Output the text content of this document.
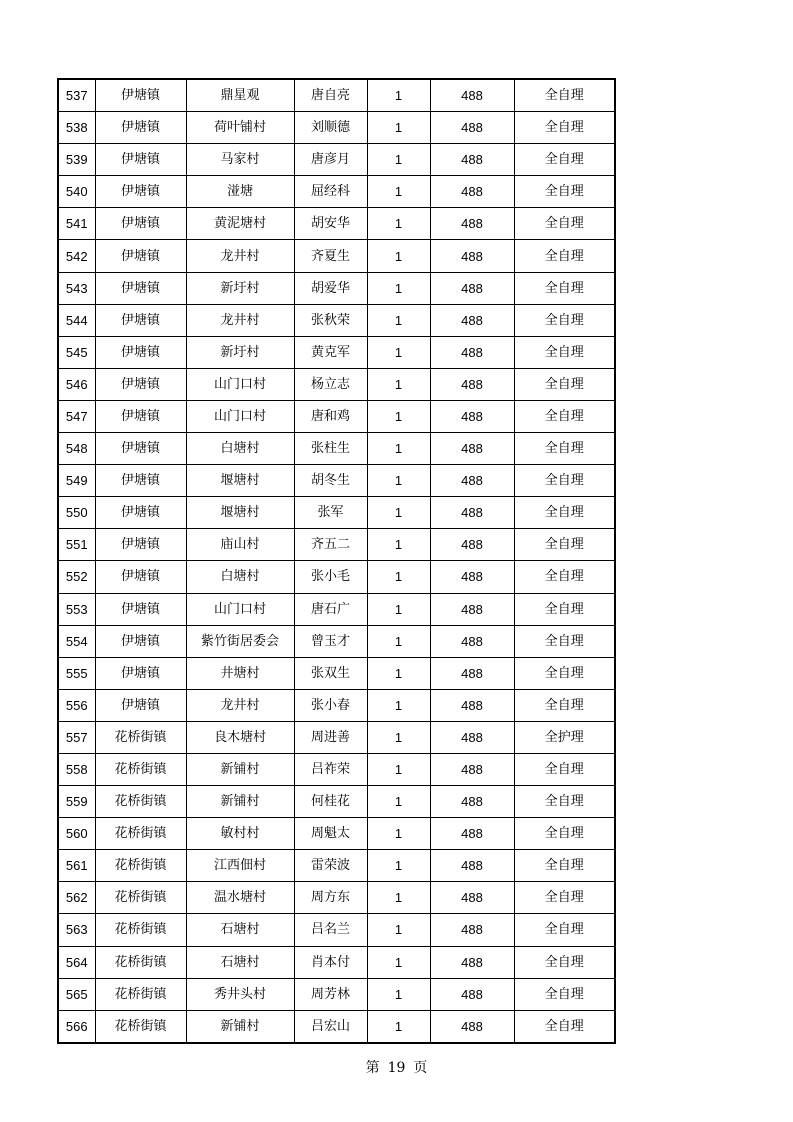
537	伊塘镇	鼎星观	唐自亮	1	488	全自理
538	伊塘镇	荷叶铺村	刘顺德	1	488	全自理
539	伊塘镇	马家村	唐彦月	1	488	全自理
540	伊塘镇	湴塘	屈经科	1	488	全自理
541	伊塘镇	黄泥塘村	胡安华	1	488	全自理
542	伊塘镇	龙井村	齐夏生	1	488	全自理
543	伊塘镇	新圩村	胡爱华	1	488	全自理
544	伊塘镇	龙井村	张秋荣	1	488	全自理
545	伊塘镇	新圩村	黄克军	1	488	全自理
546	伊塘镇	山门口村	杨立志	1	488	全自理
547	伊塘镇	山门口村	唐和鸡	1	488	全自理
548	伊塘镇	白塘村	张柱生	1	488	全自理
549	伊塘镇	堰塘村	胡冬生	1	488	全自理
550	伊塘镇	堰塘村	张军	1	488	全自理
551	伊塘镇	庙山村	齐五二	1	488	全自理
552	伊塘镇	白塘村	张小毛	1	488	全自理
553	伊塘镇	山门口村	唐石广	1	488	全自理
554	伊塘镇	紫竹街居委会	曾玉才	1	488	全自理
555	伊塘镇	井塘村	张双生	1	488	全自理
556	伊塘镇	龙井村	张小春	1	488	全自理
557	花桥街镇	良木塘村	周进善	1	488	全护理
558	花桥街镇	新铺村	吕祚荣	1	488	全自理
559	花桥街镇	新铺村	何桂花	1	488	全自理
560	花桥街镇	敏村村	周魁太	1	488	全自理
561	花桥街镇	江西佃村	雷荣波	1	488	全自理
562	花桥街镇	温水塘村	周方东	1	488	全自理
563	花桥街镇	石塘村	吕名兰	1	488	全自理
564	花桥街镇	石塘村	肖本付	1	488	全自理
565	花桥街镇	秀井头村	周芳林	1	488	全自理
566	花桥街镇	新铺村	吕宏山	1	488	全自理
第 19 页
